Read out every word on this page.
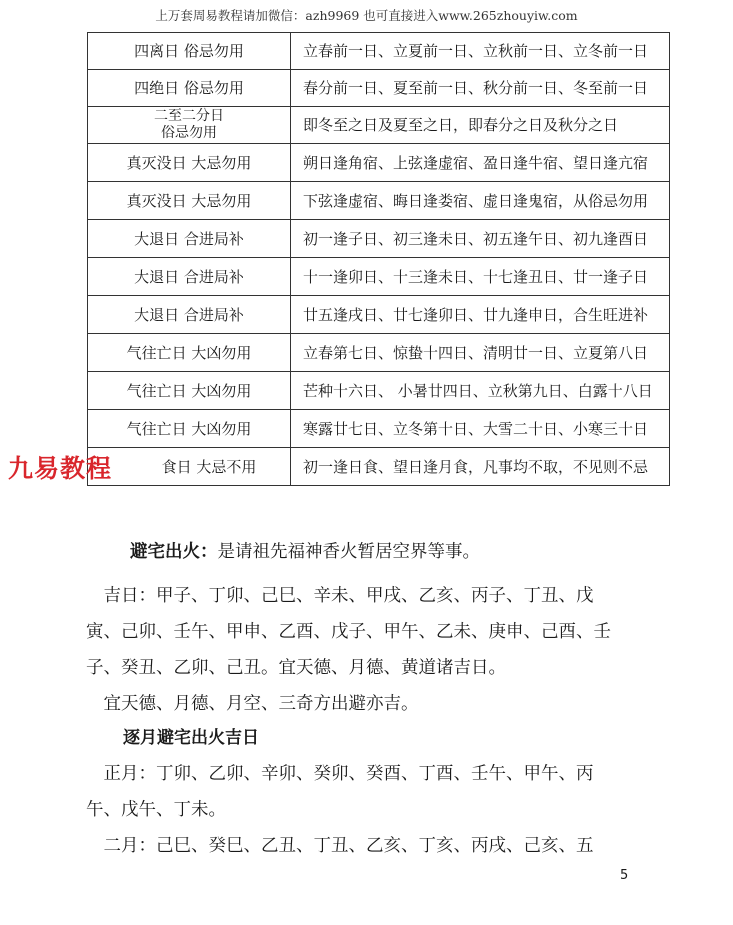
上万套周易教程请加微信：azh9969 也可直接进入www.265zhouyiw.com
四离日 俗忌勿用	立春前一日、立夏前一日、立秋前一日、立冬前一日
四绝日 俗忌勿用	春分前一日、夏至前一日、秋分前一日、冬至前一日

二至二分日
俗忌勿用	即冬至之日及夏至之日，即春分之日及秋分之日
真灭没日 大忌勿用	朔日逢角宿、上弦逢虚宿、盈日逢牛宿、望日逢亢宿
真灭没日 大忌勿用	下弦逢虚宿、晦日逢娄宿、虚日逢鬼宿，从俗忌勿用
大退日 合进局补	初一逢子日、初三逢未日、初五逢午日、初九逢酉日
大退日 合进局补	十一逢卯日、十三逢未日、十七逢丑日、廿一逢子日
大退日 合进局补	廿五逢戌日、廿七逢卯日、廿九逢申日，合生旺进补
气往亡日 大凶勿用	立春第七日、惊蛰十四日、清明廿一日、立夏第八日
气往亡日 大凶勿用	芒种十六日、 小暑廿四日、立秋第九日、白露十八日
气往亡日 大凶勿用	寒露廿七日、立冬第十日、大雪二十日、小寒三十日
食日 大忌不用	初一逢日食、望日逢月食，凡事均不取，不见则不忌
九易教程
避宅出火：是请祖先福神香火暂居空界等事。
　吉日：甲子、丁卯、己巳、辛未、甲戌、乙亥、丙子、丁丑、戊
寅、己卯、壬午、甲申、乙酉、戊子、甲午、乙未、庚申、己酉、壬
子、癸丑、乙卯、己丑。宜天德、月德、黄道诸吉日。
　宜天德、月德、月空、三奇方出避亦吉。
逐月避宅出火吉日
　正月：丁卯、乙卯、辛卯、癸卯、癸酉、丁酉、壬午、甲午、丙
午、戊午、丁未。
　二月：己巳、癸巳、乙丑、丁丑、乙亥、丁亥、丙戌、己亥、五
5
